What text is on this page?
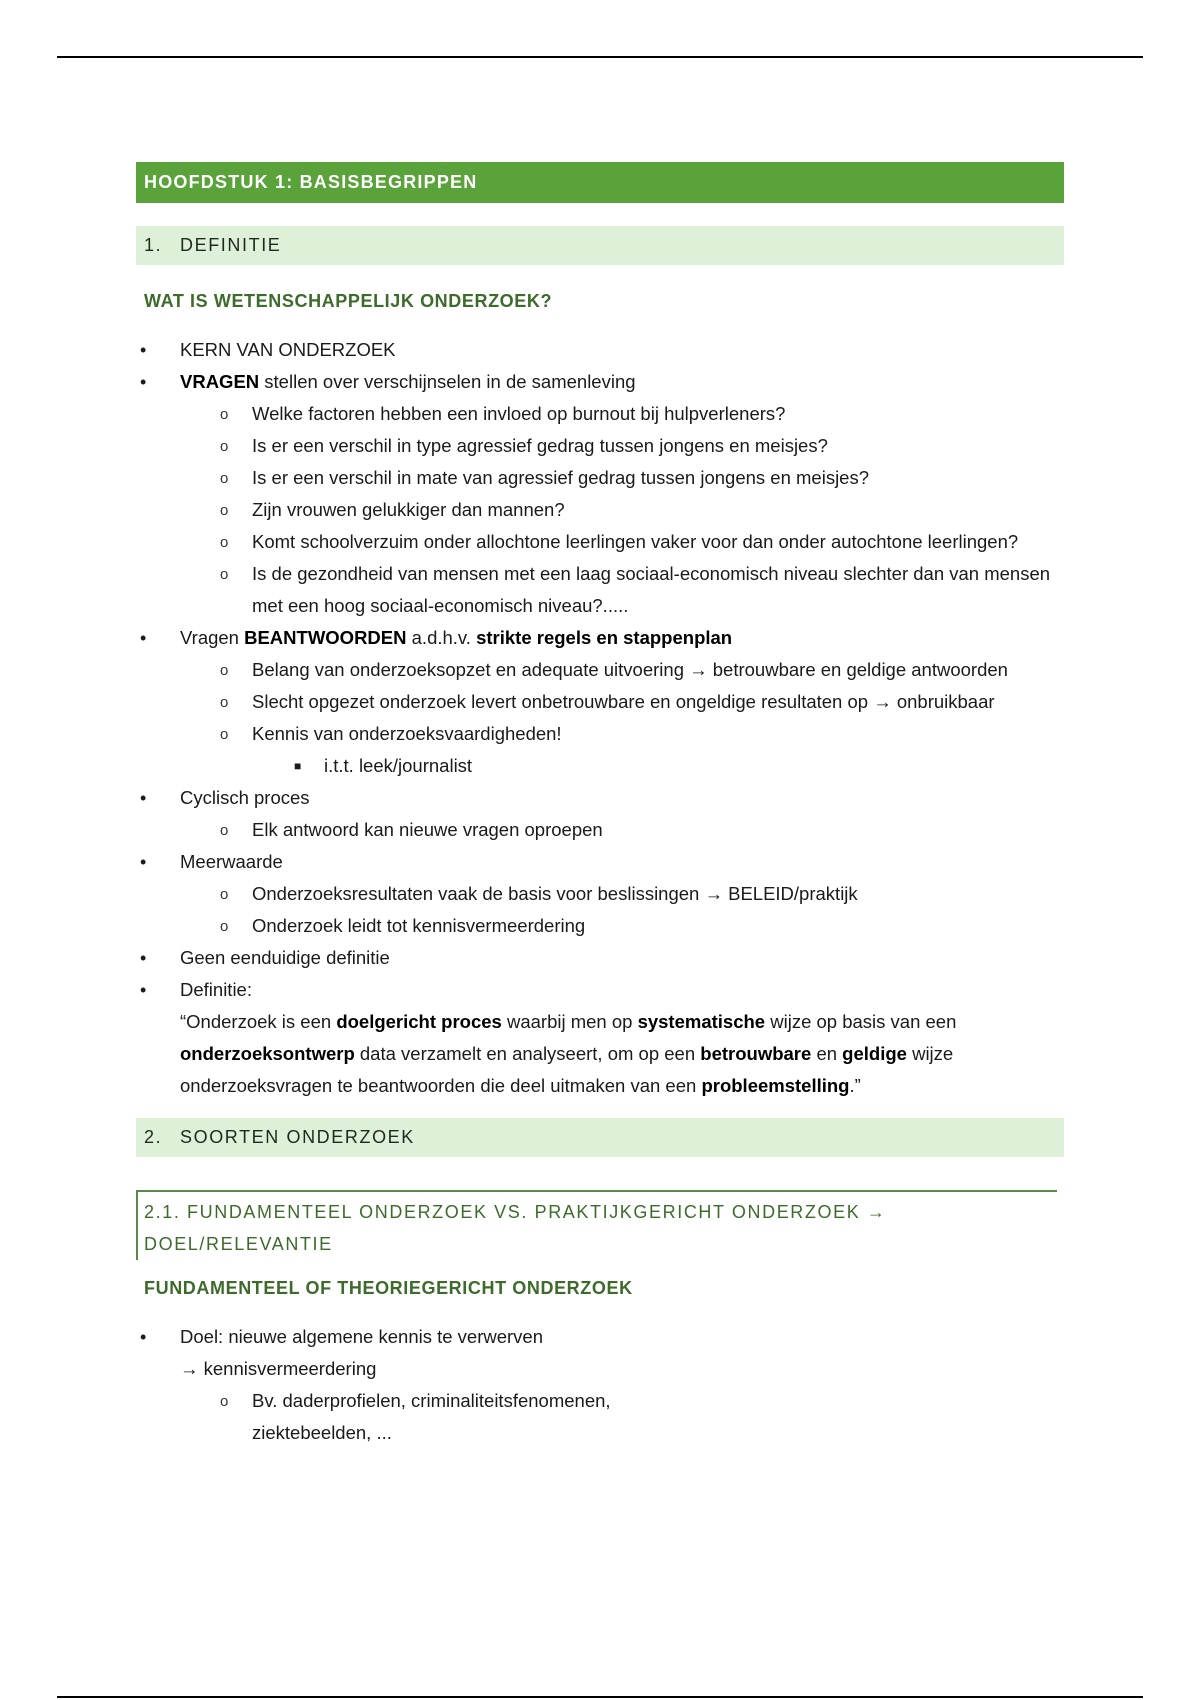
HOOFDSTUK 1: BASISBEGRIPPEN
1. DEFINITIE
WAT IS WETENSCHAPPELIJK ONDERZOEK?
• KERN VAN ONDERZOEK
• VRAGEN stellen over verschijnselen in de samenleving
o Welke factoren hebben een invloed op burnout bij hulpverleners?
o Is er een verschil in type agressief gedrag tussen jongens en meisjes?
o Is er een verschil in mate van agressief gedrag tussen jongens en meisjes?
o Zijn vrouwen gelukkiger dan mannen?
o Komt schoolverzuim onder allochtone leerlingen vaker voor dan onder autochtone leerlingen?
o Is de gezondheid van mensen met een laag sociaal-economisch niveau slechter dan van mensen met een hoog sociaal-economisch niveau?.....
• Vragen BEANTWOORDEN a.d.h.v. strikte regels en stappenplan
o Belang van onderzoeksopzet en adequate uitvoering → betrouwbare en geldige antwoorden
o Slecht opgezet onderzoek levert onbetrouwbare en ongeldige resultaten op → onbruikbaar
o Kennis van onderzoeksvaardigheden!
■ i.t.t. leek/journalist
• Cyclisch proces
o Elk antwoord kan nieuwe vragen oproepen
• Meerwaarde
o Onderzoeksresultaten vaak de basis voor beslissingen → BELEID/praktijk
o Onderzoek leidt tot kennisvermeerdering
• Geen eenduidige definitie
• Definitie:
“Onderzoek is een doelgericht proces waarbij men op systematische wijze op basis van een onderzoeksontwerp data verzamelt en analyseert, om op een betrouwbare en geldige wijze onderzoeksvragen te beantwoorden die deel uitmaken van een probleemstelling.”
2. SOORTEN ONDERZOEK
2.1. FUNDAMENTEEL ONDERZOEK VS. PRAKTIJKGERICHT ONDERZOEK → DOEL/RELEVANTIE
FUNDAMENTEEL OF THEORIEGERICHT ONDERZOEK
• Doel: nieuwe algemene kennis te verwerven
→ kennisvermeerdering
o Bv. daderprofielen, criminaliteitsfenomenen, ziektebeelden, ...
